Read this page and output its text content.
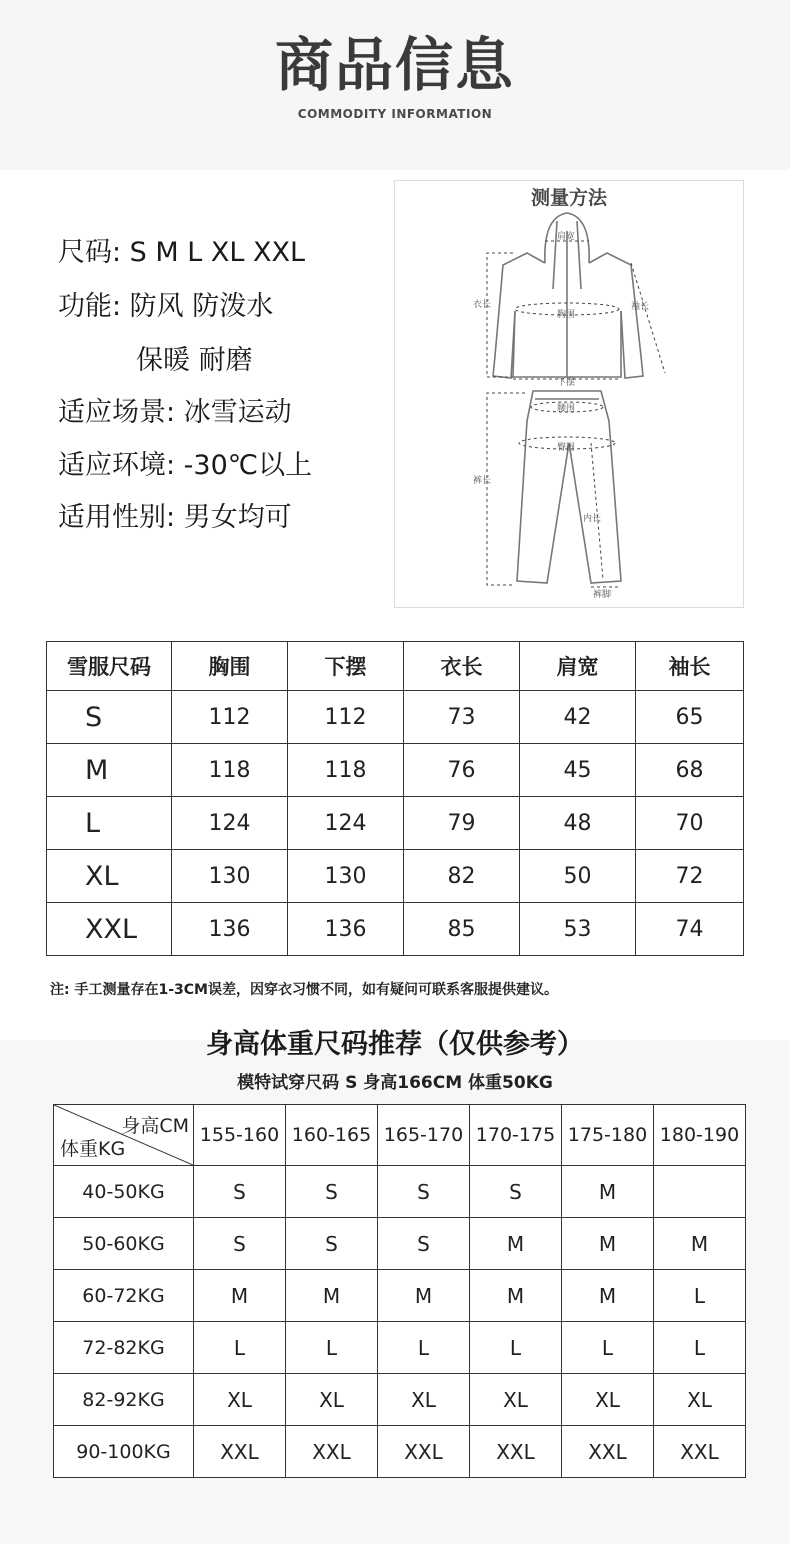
商品信息
COMMODITY INFORMATION
尺码: S M L XL XXL
功能: 防风 防泼水
保暖 耐磨
适应场景: 冰雪运动
适应环境: -30℃以上
适用性别: 男女均可
测量方法
肩宽
衣长	袖长
胸围
下摆
腰围
臀围
裤长
内长
裤脚
雪服尺码	胸围	下摆	衣长	肩宽	袖长
S	112	112	73	42	65
M	118	118	76	45	68
L	124	124	79	48	70
XL	130	130	82	50	72
XXL	136	136	85	53	74
注: 手工测量存在1-3CM误差，因穿衣习惯不同，如有疑问可联系客服提供建议。
身高体重尺码推荐（仅供参考）
模特试穿尺码 S 身高166CM 体重50KG
身高CM
体重KG	155-160	160-165	165-170	170-175	175-180	180-190
40-50KG	S	S	S	S	M	
50-60KG	S	S	S	M	M	M
60-72KG	M	M	M	M	M	L
72-82KG	L	L	L	L	L	L
82-92KG	XL	XL	XL	XL	XL	XL
90-100KG	XXL	XXL	XXL	XXL	XXL	XXL
